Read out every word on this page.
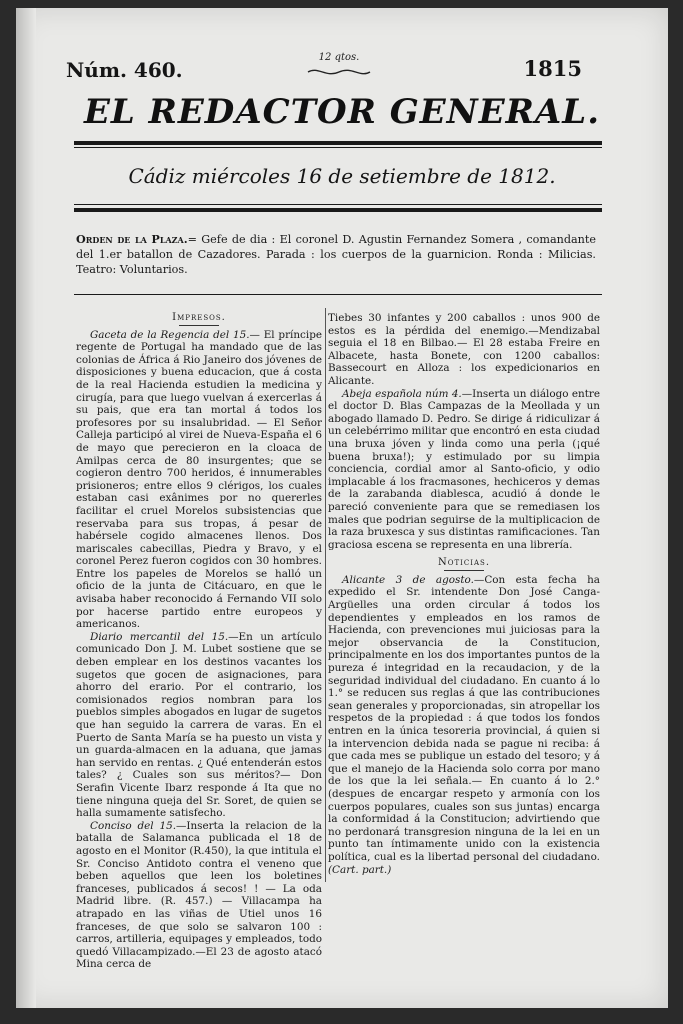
Núm. 460.
12 qtos.	1815
EL REDACTOR GENERAL.
Cádiz miércoles 16 de setiembre de 1812.
Orden de la Plaza.= Gefe de dia : El coronel D. Agustin Fernandez Somera , comandante del 1.er batallon de Cazadores. Parada : los cuerpos de la guarnicion. Ronda : Milicias. Teatro: Voluntarios.

Impresos.

Gaceta de la Regencia del 15.— El príncipe regente de Portugal ha mandado que de las colonias de África á Rio Janeiro dos jóvenes de disposiciones y buena educacion, que á costa de la real Hacienda estudien la medicina y cirugía, para que luego vuelvan á exercerlas á su pais, que era tan mortal á todos los profesores por su insalubridad. — El Señor Calleja participó al virei de Nueva-España el 6 de mayo que perecieron en la cloaca de Amilpas cerca de 80 insurgentes; que se cogieron dentro 700 heridos, é innumerables prisioneros; entre ellos 9 clérigos, los cuales estaban casi exânimes por no quererles facilitar el cruel Morelos subsistencias que reservaba para sus tropas, á pesar de habérsele cogido almacenes llenos. Dos mariscales cabecillas, Piedra y Bravo, y el coronel Perez fueron cogidos con 30 hombres. Entre los papeles de Morelos se halló un oficio de la junta de Citácuaro, en que le avisaba haber reconocido á Fernando VII solo por hacerse partido entre europeos y americanos.

Diario mercantil del 15.—En un artículo comunicado Don J. M. Lubet sostiene que se deben emplear en los destinos vacantes los sugetos que gocen de asignaciones, para ahorro del erario. Por el contrario, los comisionados regios nombran para los pueblos simples abogados en lugar de sugetos que han seguido la carrera de varas. En el Puerto de Santa María se ha puesto un vista y un guarda-almacen en la aduana, que jamas han servido en rentas. ¿ Qué entenderán estos tales? ¿ Cuales son sus méritos?— Don Serafin Vicente Ibarz responde á Ita que no tiene ninguna queja del Sr. Soret, de quien se halla sumamente satisfecho.

Conciso del 15.—Inserta la relacion de la batalla de Salamanca publicada el 18 de agosto en el Monitor (R.450), la que intitula el Sr. Conciso Antidoto contra el veneno que beben aquellos que leen los boletines franceses, publicados á secos! ! — La oda Madrid libre. (R. 457.) — Villacampa ha atrapado en las viñas de Utiel unos 16 franceses, de que solo se salvaron 100 : carros, artilleria, equipages y empleados, todo quedó Villacampizado.—El 23 de agosto atacó Mina cerca de

Tiebes 30 infantes y 200 caballos : unos 900 de estos es la pérdida del enemigo.—Mendizabal seguia el 18 en Bilbao.— El 28 estaba Freire en Albacete, hasta Bonete, con 1200 caballos: Bassecourt en Alloza : los expedicionarios en Alicante.

Abeja española núm 4.—Inserta un diálogo entre el doctor D. Blas Campazas de la Meollada y un abogado llamado D. Pedro. Se dirige á ridiculizar á un celebérrimo militar que encontró en esta ciudad una bruxa jóven y linda como una perla (¡qué buena bruxa!); y estimulado por su limpia conciencia, cordial amor al Santo-oficio, y odio implacable á los fracmasones, hechiceros y demas de la zarabanda diablesca, acudió á donde le pareció conveniente para que se remediasen los males que podrian seguirse de la multiplicacion de la raza bruxesca y sus distintas ramificaciones. Tan graciosa escena se representa en una librería.

Noticias.

Alicante 3 de agosto.—Con esta fecha ha expedido el Sr. intendente Don José Canga-Argüelles una orden circular á todos los dependientes y empleados en los ramos de Hacienda, con prevenciones mui juiciosas para la mejor observancia de la Constitucion, principalmente en los dos importantes puntos de la pureza é integridad en la recaudacion, y de la seguridad individual del ciudadano. En cuanto á lo 1.° se reducen sus reglas á que las contribuciones sean generales y proporcionadas, sin atropellar los respetos de la propiedad : á que todos los fondos entren en la única tesoreria provincial, á quien si la intervencion debida nada se pague ni reciba: á que cada mes se publique un estado del tesoro; y á que el manejo de la Hacienda solo corra por mano de los que la lei señala.— En cuanto á lo 2.° (despues de encargar respeto y armonía con los cuerpos populares, cuales son sus juntas) encarga la conformidad á la Constitucion; advirtiendo que no perdonará transgresion ninguna de la lei en un punto tan íntimamente unido con la existencia política, cual es la libertad personal del ciudadano. (Cart. part.)
